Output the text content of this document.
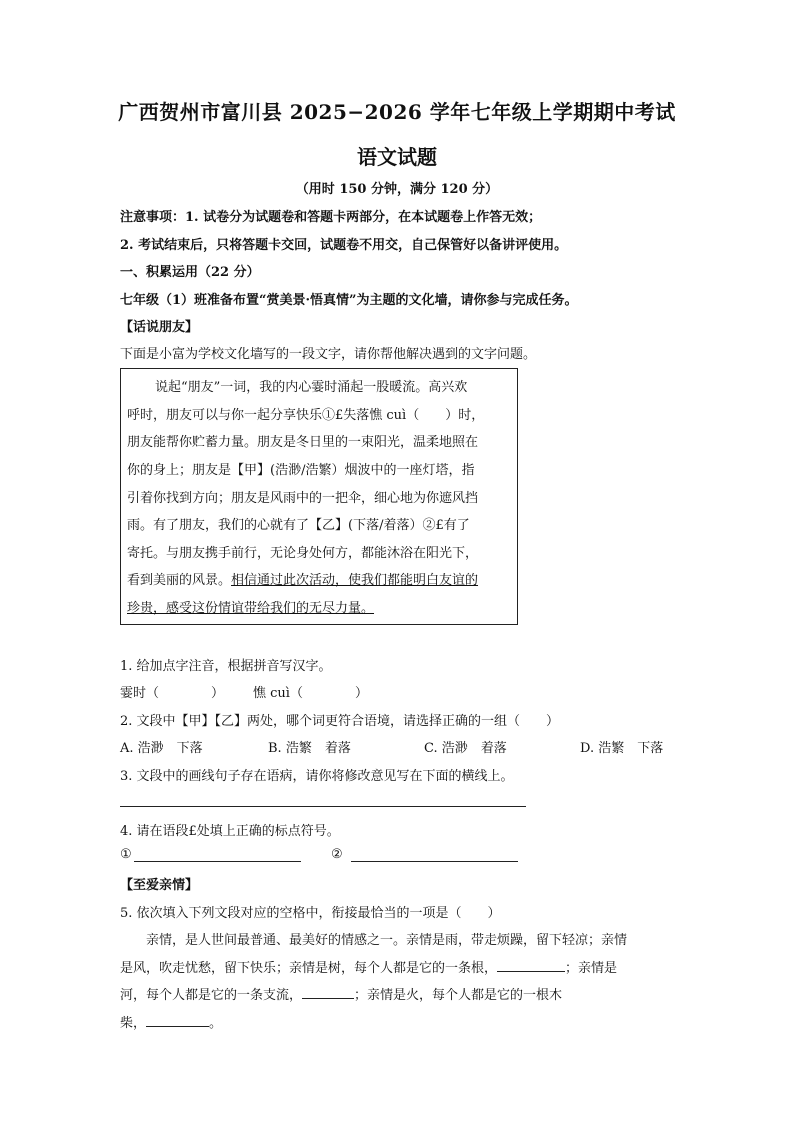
广西贺州市富川县 2025−2026 学年七年级上学期期中考试
语文试题
（用时 150 分钟，满分 120 分）
注意事项：1. 试卷分为试题卷和答题卡两部分，在本试题卷上作答无效；
2. 考试结束后，只将答题卡交回，试题卷不用交，自己保管好以备讲评使用。
一、积累运用（22 分）
七年级（1）班准备布置“赏美景·悟真情”为主题的文化墙，请你参与完成任务。
【话说朋友】
下面是小富为学校文化墙写的一段文字，请你帮他解决遇到的文字问题。
说起“朋友”一词，我的内心霎时涌起一股暖流。高兴欢
呼时，朋友可以与你一起分享快乐①£失落憔 cuì（　　）时，
朋友能帮你贮蓄力量。朋友是冬日里的一束阳光，温柔地照在
你的身上；朋友是【甲】(浩渺/浩繁）烟波中的一座灯塔，指
引着你找到方向；朋友是风雨中的一把伞，细心地为你遮风挡
雨。有了朋友，我们的心就有了【乙】(下落/着落）②£有了
寄托。与朋友携手前行，无论身处何方，都能沐浴在阳光下，
看到美丽的风景。相信通过此次活动，使我们都能明白友谊的
珍贵，感受这份情谊带给我们的无尽力量。
1. 给加点字注音，根据拼音写汉字。
霎时（　　　　） 憔 cuì（　　　　）
2. 文段中【甲】【乙】两处，哪个词更符合语境，请选择正确的一组（　　）
A. 浩渺　下落	B. 浩繁　着落	C. 浩渺　着落	D. 浩繁　下落
3. 文段中的画线句子存在语病，请你将修改意见写在下面的横线上。
4. 请在语段£处填上正确的标点符号。
①	②
【至爱亲情】
5. 依次填入下列文段对应的空格中，衔接最恰当的一项是（　　）
亲情，是人世间最普通、最美好的情感之一。亲情是雨，带走烦躁，留下轻凉；亲情
是风，吹走忧愁，留下快乐；亲情是树，每个人都是它的一条根，	；亲情是
河，每个人都是它的一条支流，	；亲情是火，每个人都是它的一根木
柴，	。
